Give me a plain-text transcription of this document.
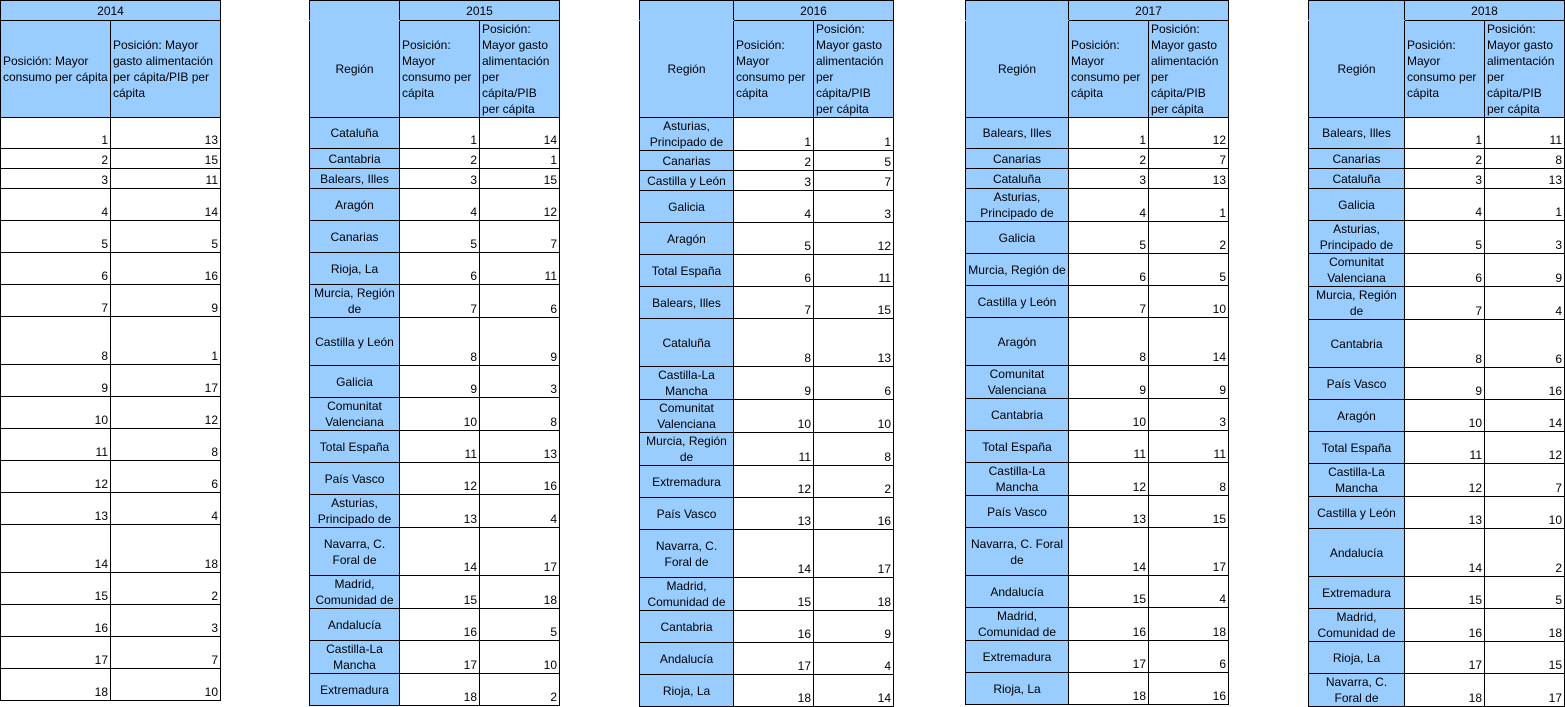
2014	
Posición: Mayor consumo per cápita	Posición: Mayor gasto alimentación per cápita/PIB per cápita
1	13
2	15
3	11
4	14
5	5
6	16
7	9
8	1
9	17
10	12
11	8
12	6
13	4
14	18
15	2
16	3
17	7
18	10
	2015	
Región	Posición: Mayor consumo per cápita	Posición: Mayor gasto alimentación per cápita/PIB per cápita
Cataluña	1	14
Cantabria	2	1
Balears, Illes	3	15
Aragón	4	12
Canarias	5	7
Rioja, La	6	11
Murcia, Región de	7	6
Castilla y León	8	9
Galicia	9	3
Comunitat Valenciana	10	8
Total España	11	13
País Vasco	12	16
Asturias, Principado de	13	4
Navarra, C. Foral de	14	17
Madrid, Comunidad de	15	18
Andalucía	16	5
Castilla-La Mancha	17	10
Extremadura	18	2
	2016	
Región	Posición: Mayor consumo per cápita	Posición: Mayor gasto alimentación per cápita/PIB per cápita
Asturias, Principado de	1	1
Canarias	2	5
Castilla y León	3	7
Galicia	4	3
Aragón	5	12
Total España	6	11
Balears, Illes	7	15
Cataluña	8	13
Castilla-La Mancha	9	6
Comunitat Valenciana	10	10
Murcia, Región de	11	8
Extremadura	12	2
País Vasco	13	16
Navarra, C. Foral de	14	17
Madrid, Comunidad de	15	18
Cantabria	16	9
Andalucía	17	4
Rioja, La	18	14
	2017	
Región	Posición: Mayor consumo per cápita	Posición: Mayor gasto alimentación per cápita/PIB per cápita
Balears, Illes	1	12
Canarias	2	7
Cataluña	3	13
Asturias, Principado de	4	1
Galicia	5	2
Murcia, Región de	6	5
Castilla y León	7	10
Aragón	8	14
Comunitat Valenciana	9	9
Cantabria	10	3
Total España	11	11
Castilla-La Mancha	12	8
País Vasco	13	15
Navarra, C. Foral de	14	17
Andalucía	15	4
Madrid, Comunidad de	16	18
Extremadura	17	6
Rioja, La	18	16
	2018	
Región	Posición: Mayor consumo per cápita	Posición: Mayor gasto alimentación per cápita/PIB per cápita
Balears, Illes	1	11
Canarias	2	8
Cataluña	3	13
Galicia	4	1
Asturias, Principado de	5	3
Comunitat Valenciana	6	9
Murcia, Región de	7	4
Cantabria	8	6
País Vasco	9	16
Aragón	10	14
Total España	11	12
Castilla-La Mancha	12	7
Castilla y León	13	10
Andalucía	14	2
Extremadura	15	5
Madrid, Comunidad de	16	18
Rioja, La	17	15
Navarra, C. Foral de	18	17
